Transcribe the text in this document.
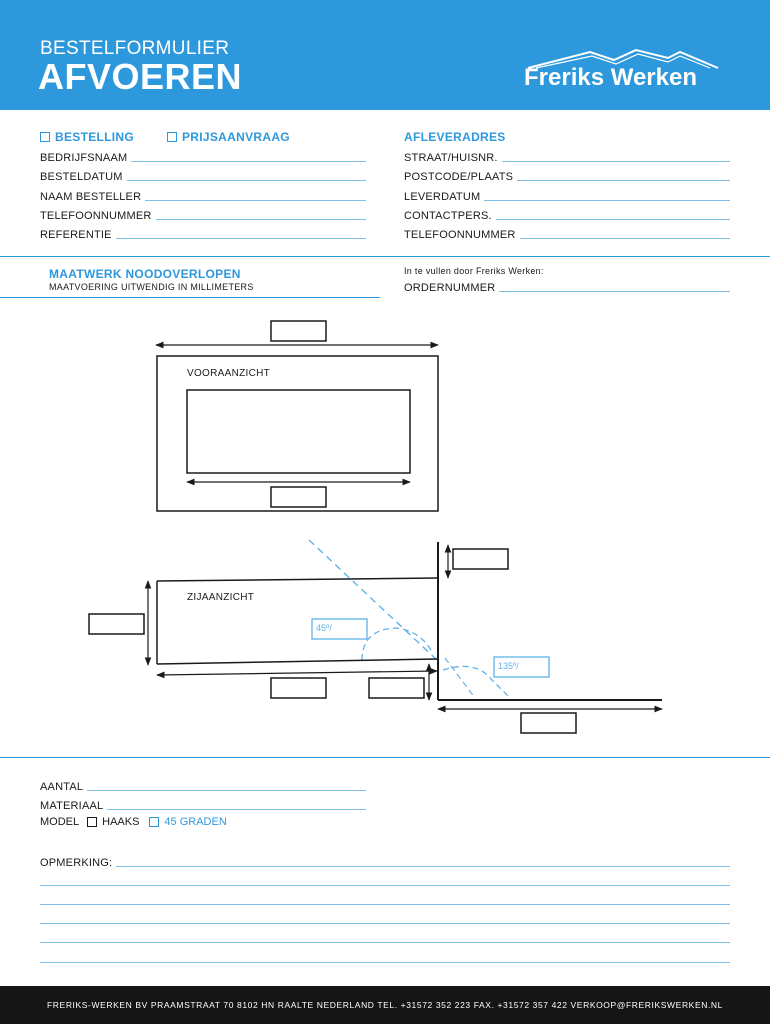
BESTELFORMULIER
AFVOEREN	Freriks Werken
BESTELLING	PRIJSAANVRAAG	AFLEVERADRES
BEDRIJFSNAAM
BESTELDATUM
NAAM BESTELLER
TELEFOONNUMMER
REFERENTIE
STRAAT/HUISNR.
POSTCODE/PLAATS
LEVERDATUM
CONTACTPERS.
TELEFOONNUMMER
MAATWERK NOODOVERLOPEN
MAATVOERING UITWENDIG IN MILLIMETERS
In te vullen door Freriks Werken:
ORDERNUMMER
VOORAANZICHT
ZIJAANZICHT
45º/
135º/
AANTAL
MATERIAAL
MODEL HAAKS 45 GRADEN
OPMERKING:
FRERIKS-WERKEN BV PRAAMSTRAAT 70 8102 HN RAALTE NEDERLAND TEL. +31572 352 223 FAX. +31572 357 422 VERKOOP@FRERIKSWERKEN.NL
